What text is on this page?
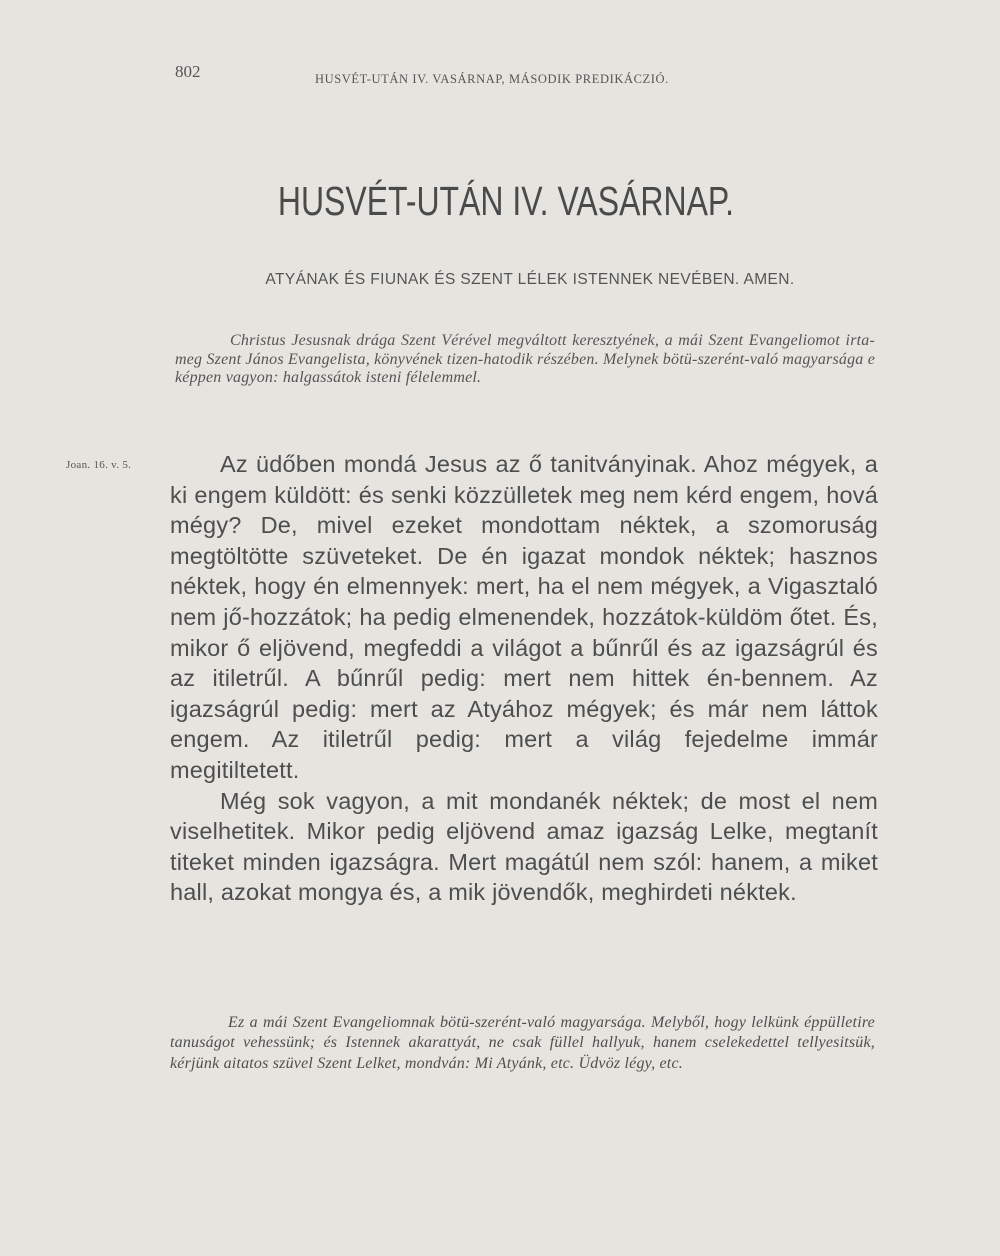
802	HUSVÉT-UTÁN IV. VASÁRNAP, MÁSODIK PREDIKÁCZIÓ.
HUSVÉT-UTÁN IV. VASÁRNAP.
ATYÁNAK ÉS FIUNAK ÉS SZENT LÉLEK ISTENNEK NEVÉBEN. AMEN.
Christus Jesusnak drága Szent Vérével megváltott keresztyének, a mái Szent Evangeliomot irta-meg Szent János Evangelista, könyvének tizen-hatodik részében. Melynek bötü-szerént-való magyarsága e képpen vagyon: halgassátok isteni félelemmel.
Joan. 16. v. 5.	Az üdőben mondá Jesus az ő tanitványinak. Ahoz mégyek, a ki engem küldött: és senki közzülletek meg nem kérd engem, hová mégy? De, mivel ezeket mondottam néktek, a szomoruság megtöltötte szüveteket. De én igazat mondok néktek; hasznos néktek, hogy én elmennyek: mert, ha el nem mégyek, a Vigasztaló nem jő-hozzátok; ha pedig elmenendek, hozzátok-küldöm őtet. És, mikor ő eljövend, megfeddi a világot a bűnrűl és az igazságrúl és az itiletrűl. A bűnrűl pedig: mert nem hittek én-bennem. Az igazságrúl pedig: mert az Atyához mégyek; és már nem láttok engem. Az itiletrűl pedig: mert a világ fejedelme immár megitiltetett.

Még sok vagyon, a mit mondanék néktek; de most el nem viselhetitek. Mikor pedig eljövend amaz igazság Lelke, megtanít titeket minden igazságra. Mert magátúl nem szól: hanem, a miket hall, azokat mongya és, a mik jövendők, meghirdeti néktek.

Ez a mái Szent Evangeliomnak bötü-szerént-való magyarsága. Melyből, hogy lelkünk éppülletire tanuságot vehessünk; és Istennek akarattyát, ne csak füllel hallyuk, hanem cselekedettel tellyesitsük, kérjünk aitatos szüvel Szent Lelket, mondván: Mi Atyánk, etc. Üdvöz légy, etc.
